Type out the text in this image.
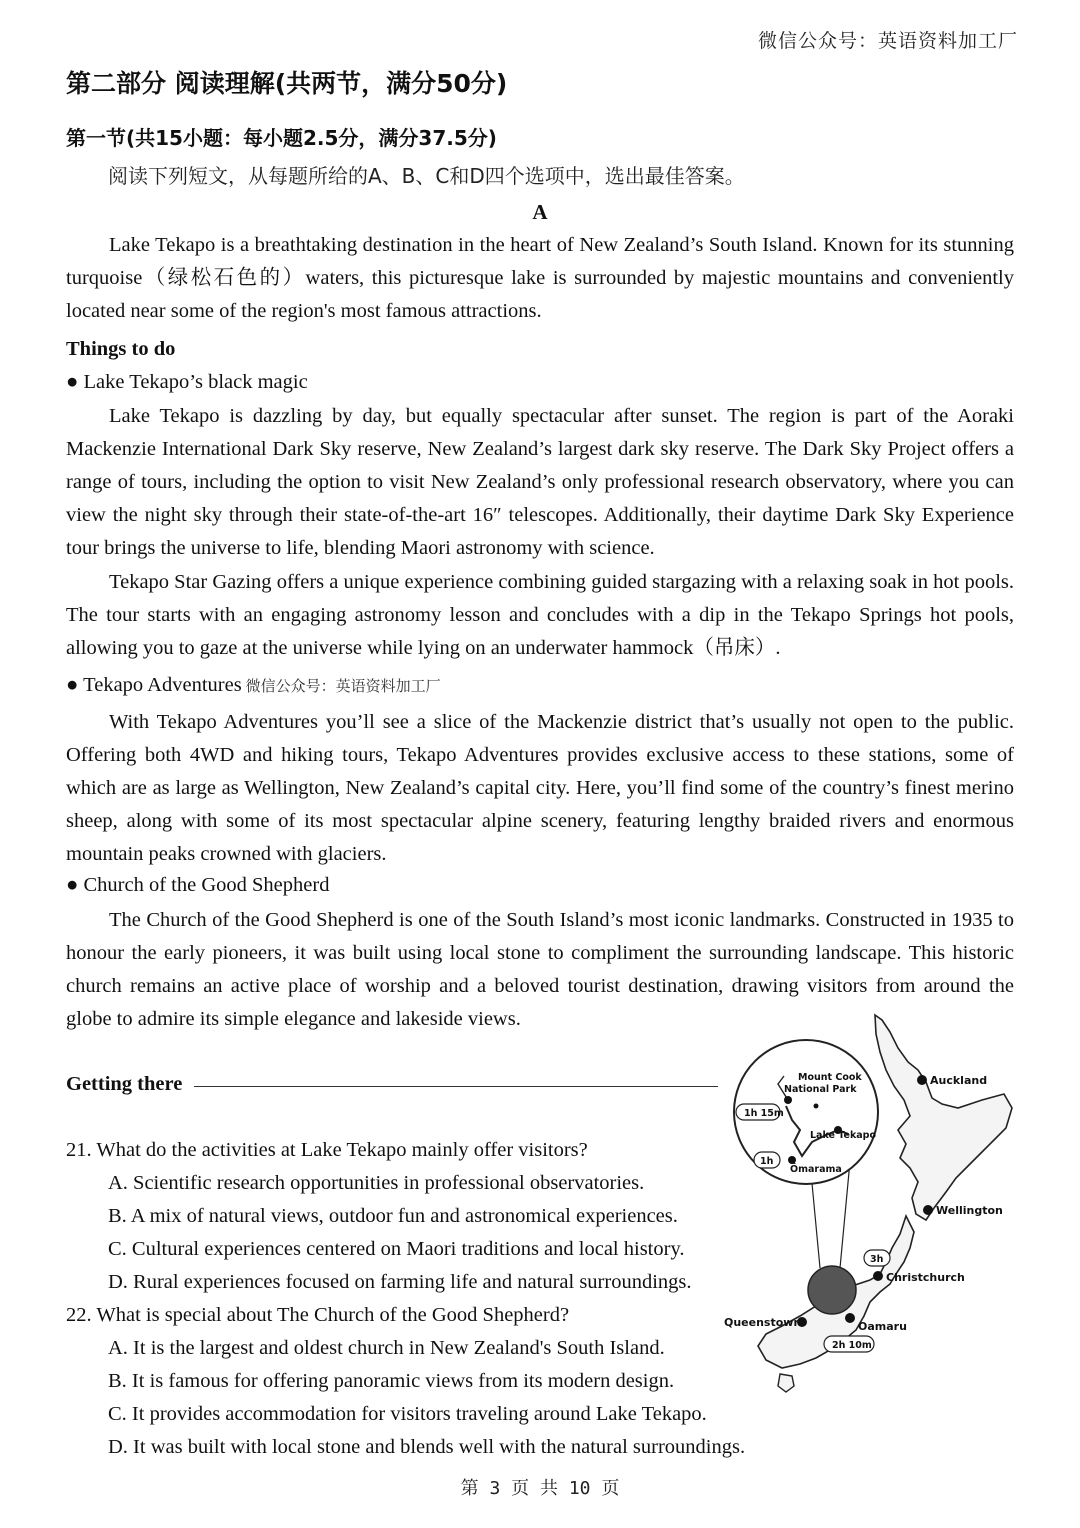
微信公众号：英语资料加工厂
第二部分 阅读理解(共两节，满分50分)
第一节(共15小题：每小题2.5分，满分37.5分)
阅读下列短文，从每题所给的A、B、C和D四个选项中，选出最佳答案。
A
Lake Tekapo is a breathtaking destination in the heart of New Zealand’s South Island. Known for its stunning turquoise（绿松石色的）waters, this picturesque lake is surrounded by majestic mountains and conveniently located near some of the region's most famous attractions.
Things to do
● Lake Tekapo’s black magic
Lake Tekapo is dazzling by day, but equally spectacular after sunset. The region is part of the Aoraki Mackenzie International Dark Sky reserve, New Zealand’s largest dark sky reserve. The Dark Sky Project offers a range of tours, including the option to visit New Zealand’s only professional research observatory, where you can view the night sky through their state-of-the-art 16″ telescopes. Additionally, their daytime Dark Sky Experience tour brings the universe to life, blending Maori astronomy with science.
Tekapo Star Gazing offers a unique experience combining guided stargazing with a relaxing soak in hot pools. The tour starts with an engaging astronomy lesson and concludes with a dip in the Tekapo Springs hot pools, allowing you to gaze at the universe while lying on an underwater hammock（吊床）.
● Tekapo Adventures 微信公众号：英语资料加工厂
With Tekapo Adventures you’ll see a slice of the Mackenzie district that’s usually not open to the public. Offering both 4WD and hiking tours, Tekapo Adventures provides exclusive access to these stations, some of which are as large as Wellington, New Zealand’s capital city. Here, you’ll find some of the country’s finest merino sheep, along with some of its most spectacular alpine scenery, featuring lengthy braided rivers and enormous mountain peaks crowned with glaciers.
● Church of the Good Shepherd
The Church of the Good Shepherd is one of the South Island’s most iconic landmarks. Constructed in 1935 to honour the early pioneers, it was built using local stone to compliment the surrounding landscape. This historic church remains an active place of worship and a beloved tourist destination, drawing visitors from around the globe to admire its simple elegance and lakeside views.
Getting there
21. What do the activities at Lake Tekapo mainly offer visitors?
A. Scientific research opportunities in professional observatories.
B. A mix of natural views, outdoor fun and astronomical experiences.
C. Cultural experiences centered on Maori traditions and local history.
D. Rural experiences focused on farming life and natural surroundings.
22. What is special about The Church of the Good Shepherd?
A. It is the largest and oldest church in New Zealand's South Island.
B. It is famous for offering panoramic views from its modern design.
C. It provides accommodation for visitors traveling around Lake Tekapo.
D. It was built with local stone and blends well with the natural surroundings.
Mount Cook
National Park
Lake Tekapo
Ōmarama
1h 15m
1h
Auckland
Wellington
Christchurch
Queenstown	Oamaru
3h
2h 10m
第 3 页 共 10 页
